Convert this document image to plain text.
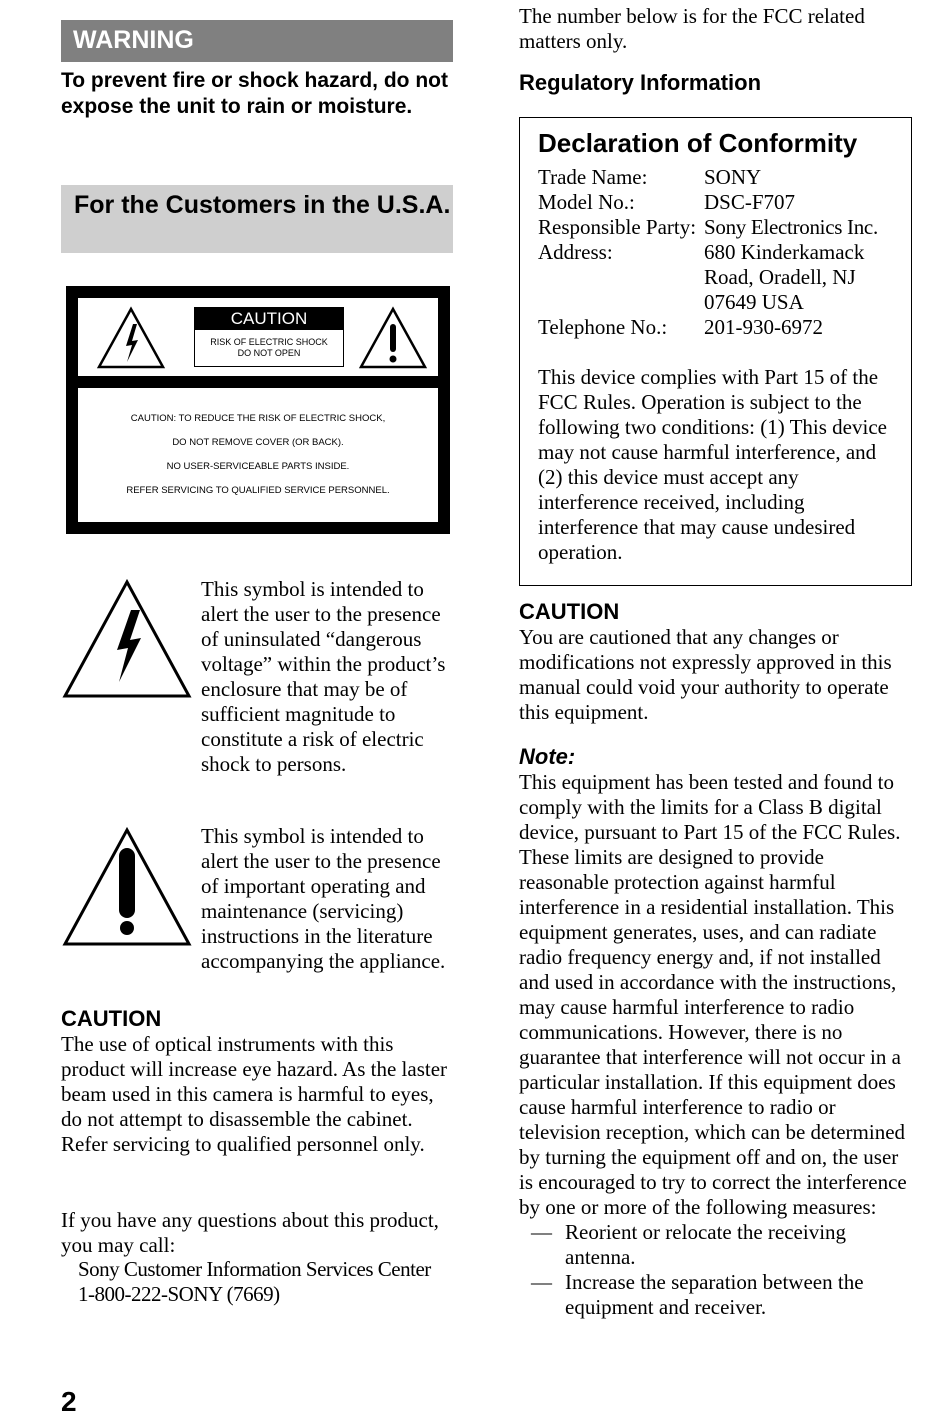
WARNING
To prevent fire or shock hazard, do not expose the unit to rain or moisture.
For the Customers in the U.S.A.
CAUTION
RISK OF ELECTRIC SHOCK
DO NOT OPEN
CAUTION: TO REDUCE THE RISK OF ELECTRIC SHOCK,
DO NOT REMOVE COVER (OR BACK).
NO USER-SERVICEABLE PARTS INSIDE.
REFER SERVICING TO QUALIFIED SERVICE PERSONNEL.
This symbol is intended to alert the user to the presence of uninsulated “dangerous voltage” within the product’s enclosure that may be of sufficient magnitude to constitute a risk of electric shock to persons.
This symbol is intended to alert the user to the presence of important operating and maintenance (servicing) instructions in the literature accompanying the appliance.
CAUTION
The use of optical instruments with this product will increase eye hazard. As the laster beam used in this camera is harmful to eyes, do not attempt to disassemble the cabinet. Refer servicing to qualified personnel only.
If you have any questions about this product, you may call:
Sony Customer Information Services Center
1-800-222-SONY (7669)
The number below is for the FCC related matters only.
Regulatory Information
Declaration of Conformity
Trade Name:	SONY
Model No.:	DSC-F707
Responsible Party: Sony Electronics Inc.
Address:	680 Kinderkamack Road, Oradell, NJ 07649 USA
Telephone No.:	201-930-6972
This device complies with Part 15 of the FCC Rules. Operation is subject to the following two conditions: (1) This device may not cause harmful interference, and (2) this device must accept any interference received, including interference that may cause undesired operation.
CAUTION
You are cautioned that any changes or modifications not expressly approved in this manual could void your authority to operate this equipment.
Note:
This equipment has been tested and found to comply with the limits for a Class B digital device, pursuant to Part 15 of the FCC Rules. These limits are designed to provide reasonable protection against harmful interference in a residential installation. This equipment generates, uses, and can radiate radio frequency energy and, if not installed and used in accordance with the instructions, may cause harmful interference to radio communications. However, there is no guarantee that interference will not occur in a particular installation. If this equipment does cause harmful interference to radio or television reception, which can be determined by turning the equipment off and on, the user is encouraged to try to correct the interference by one or more of the following measures:
— Reorient or relocate the receiving antenna.
— Increase the separation between the equipment and receiver.
2
